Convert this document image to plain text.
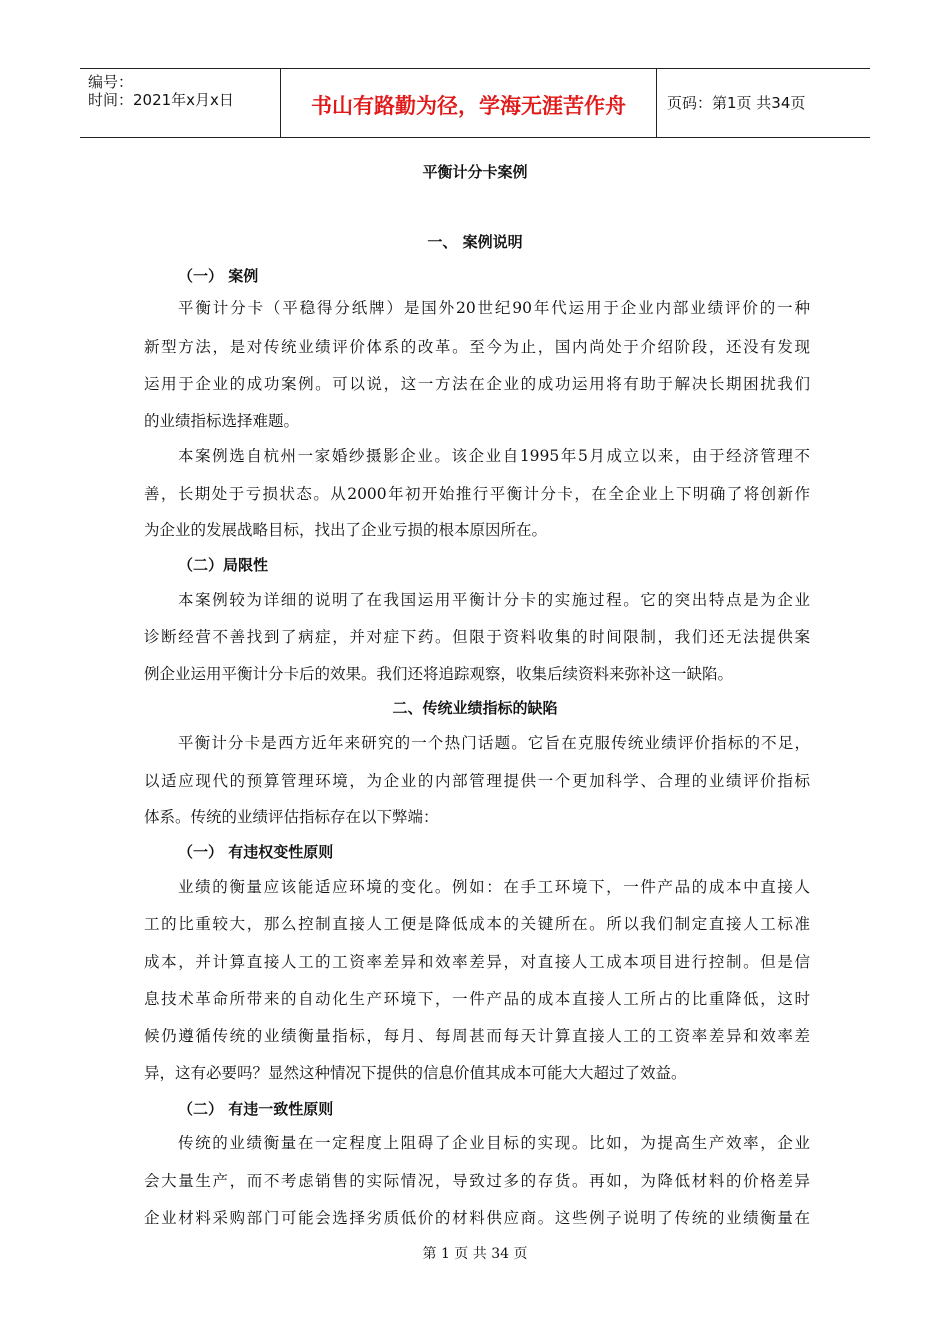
编号：
时间：2021年x月x日	书山有路勤为径，学海无涯苦作舟	页码：第1页 共34页
平衡计分卡案例
一、 案例说明
（一） 案例
平衡计分卡（平稳得分纸牌）是国外20世纪90年代运用于企业内部业绩评价的一种
新型方法，是对传统业绩评价体系的改革。至今为止，国内尚处于介绍阶段，还没有发现
运用于企业的成功案例。可以说，这一方法在企业的成功运用将有助于解决长期困扰我们
的业绩指标选择难题。
本案例选自杭州一家婚纱摄影企业。该企业自1995年5月成立以来，由于经济管理不
善，长期处于亏损状态。从2000年初开始推行平衡计分卡，在全企业上下明确了将创新作
为企业的发展战略目标，找出了企业亏损的根本原因所在。
（二）局限性
本案例较为详细的说明了在我国运用平衡计分卡的实施过程。它的突出特点是为企业
诊断经营不善找到了病症，并对症下药。但限于资料收集的时间限制，我们还无法提供案
例企业运用平衡计分卡后的效果。我们还将追踪观察，收集后续资料来弥补这一缺陷。
二、传统业绩指标的缺陷
平衡计分卡是西方近年来研究的一个热门话题。它旨在克服传统业绩评价指标的不足，
以适应现代的预算管理环境，为企业的内部管理提供一个更加科学、合理的业绩评价指标
体系。传统的业绩评估指标存在以下弊端：
（一） 有违权变性原则
业绩的衡量应该能适应环境的变化。例如：在手工环境下，一件产品的成本中直接人
工的比重较大，那么控制直接人工便是降低成本的关键所在。所以我们制定直接人工标准
成本，并计算直接人工的工资率差异和效率差异，对直接人工成本项目进行控制。但是信
息技术革命所带来的自动化生产环境下，一件产品的成本直接人工所占的比重降低，这时
候仍遵循传统的业绩衡量指标，每月、每周甚而每天计算直接人工的工资率差异和效率差
异，这有必要吗？显然这种情况下提供的信息价值其成本可能大大超过了效益。
（二） 有违一致性原则
传统的业绩衡量在一定程度上阻碍了企业目标的实现。比如，为提高生产效率，企业
会大量生产，而不考虑销售的实际情况，导致过多的存货。再如，为降低材料的价格差异
企业材料采购部门可能会选择劣质低价的材料供应商。这些例子说明了传统的业绩衡量在
第 1 页 共 34 页
